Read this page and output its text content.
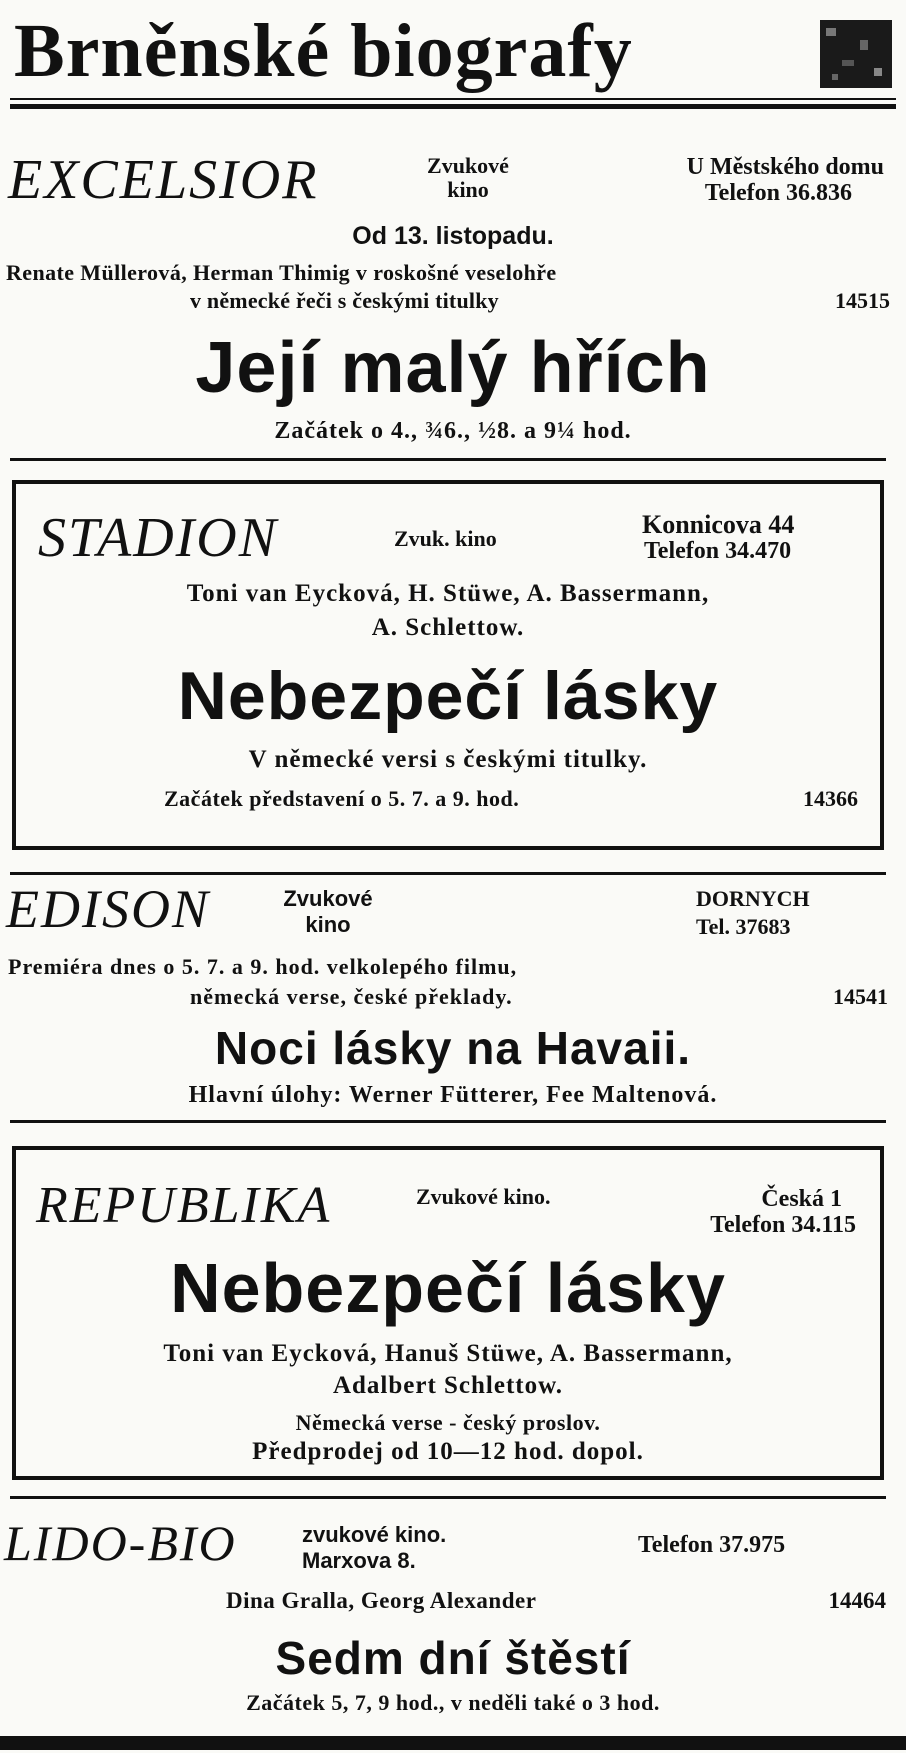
Brněnské biografy
EXCELSIOR	Zvukové
kino
U Městského domu
Telefon 36.836
Od 13. listopadu.
Renate Müllerová, Herman Thimig v roskošné veselohře
v německé řeči s českými titulky	14515
Její malý hřích
Začátek o 4., ¾6., ½8. a 9¼ hod.
STADION	Zvuk. kino	Konnicova 44
Telefon 34.470
Toni van Eycková, H. Stüwe, A. Bassermann,
A. Schlettow.
Nebezpečí lásky
V německé versi s českými titulky.
Začátek představení o 5. 7. a 9. hod.	14366
EDISON	Zvukové
kino
DORNYCH
Tel. 37683
Premiéra dnes o 5. 7. a 9. hod. velkolepého filmu,
německá verse, české překlady.	14541
Noci lásky na Havaii.
Hlavní úlohy: Werner Fütterer, Fee Maltenová.
REPUBLIKA	Zvukové kino.	Česká 1
Telefon 34.115
Nebezpečí lásky
Toni van Eycková, Hanuš Stüwe, A. Bassermann,
Adalbert Schlettow.
Německá verse - český proslov.
Předprodej od 10—12 hod. dopol.
LIDO-BIO	zvukové kino.
Marxova 8.
Telefon 37.975
Dina Gralla, Georg Alexander	14464
Sedm dní štěstí
Začátek 5, 7, 9 hod., v neděli také o 3 hod.
